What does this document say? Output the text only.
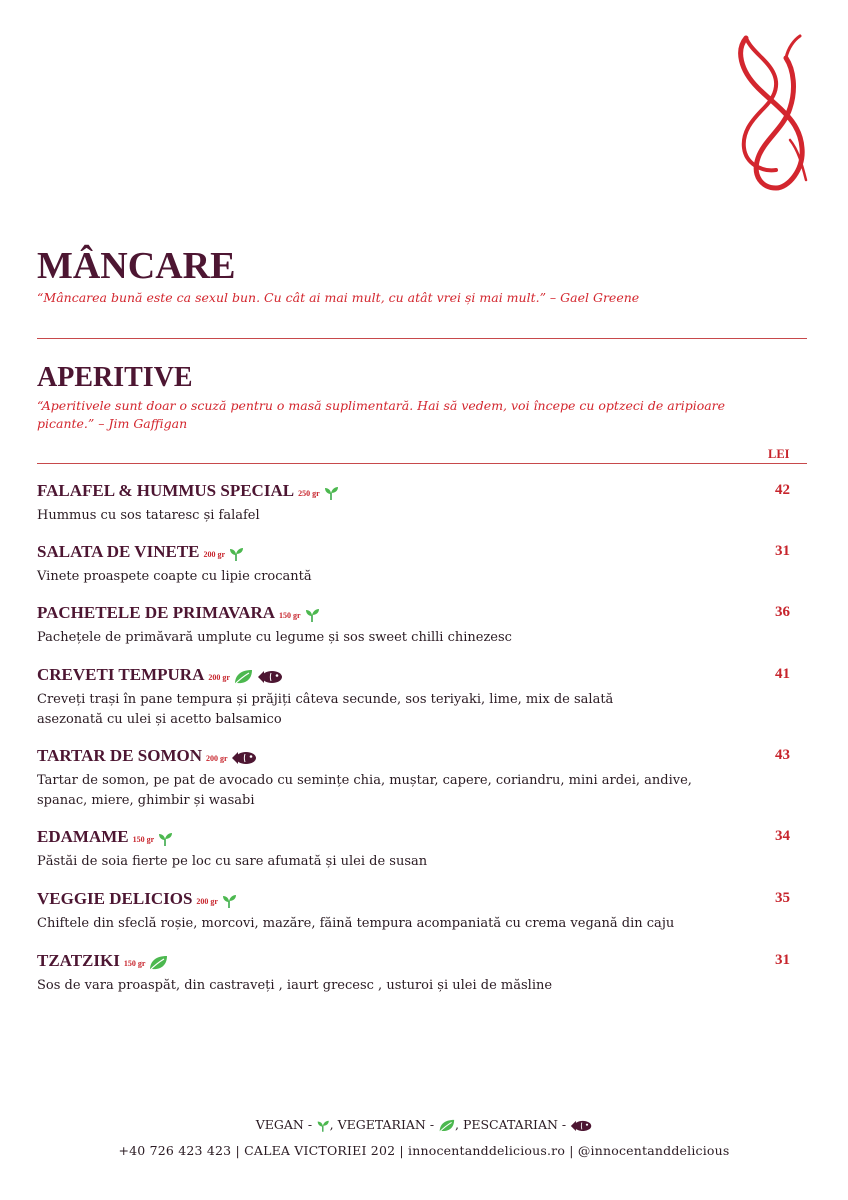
MÂNCARE
“Mâncarea bună este ca sexul bun. Cu cât ai mai mult, cu atât vrei și mai mult.” – Gael Greene
APERITIVE
“Aperitivele sunt doar o scuză pentru o masă suplimentară. Hai să vedem, voi începe cu optzeci de aripioare
picante.” – Jim Gaffigan
LEI
FALAFEL & HUMMUS SPECIAL 250 gr
Hummus cu sos tataresc și falafel
42
SALATA DE VINETE 200 gr
Vinete proaspete coapte cu lipie crocantă
31
PACHETELE DE PRIMAVARA 150 gr
Pachețele de primăvară umplute cu legume și sos sweet chilli chinezesc
36
CREVETI TEMPURA 200 gr
Creveți trași în pane tempura și prăjiți câteva secunde, sos teriyaki, lime, mix de salată
asezonată cu ulei și acetto balsamico
41
TARTAR DE SOMON 200 gr
Tartar de somon, pe pat de avocado cu semințe chia, muștar, capere, coriandru, mini ardei, andive,
spanac, miere, ghimbir și wasabi
43
EDAMAME 150 gr
Păstăi de soia fierte pe loc cu sare afumată și ulei de susan
34
VEGGIE DELICIOS 200 gr
Chiftele din sfeclă roșie, morcovi, mazăre, făină tempura acompaniată cu crema vegană din caju
35
TZATZIKI 150 gr
Sos de vara proaspăt, din castraveți , iaurt grecesc , usturoi și ulei de măsline
31
VEGAN - , VEGETARIAN - , PESCATARIAN -
+40 726 423 423 | CALEA VICTORIEI 202 | innocentanddelicious.ro | @innocentanddelicious
